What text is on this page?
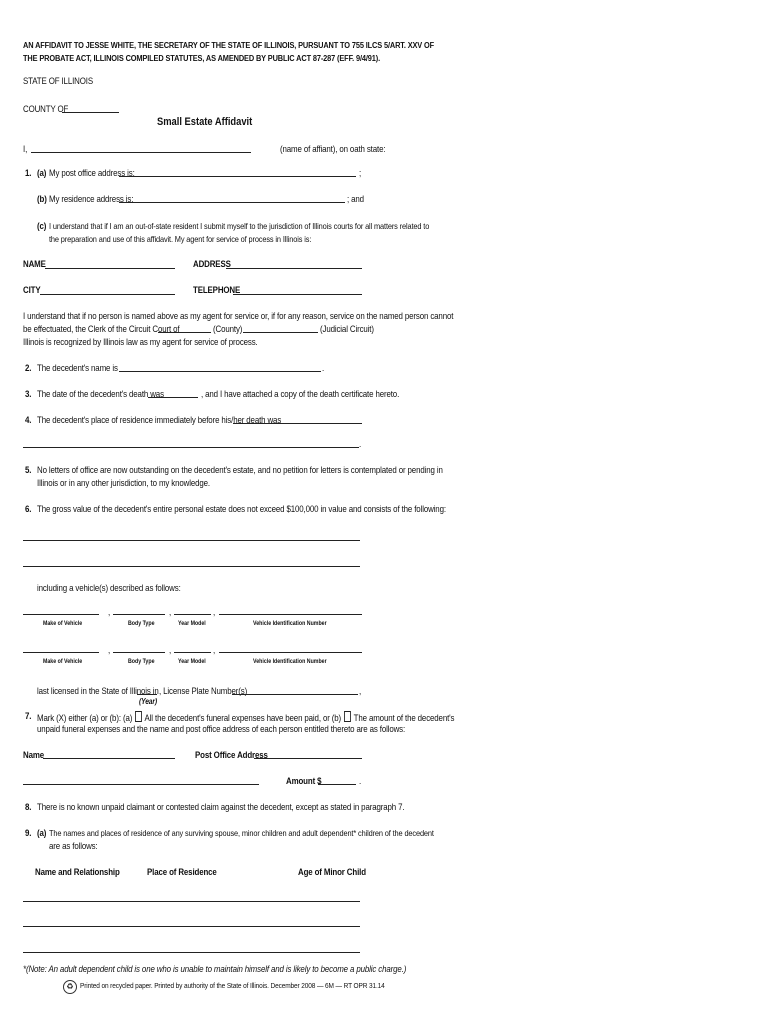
AN AFFIDAVIT TO JESSE WHITE, THE SECRETARY OF THE STATE OF ILLINOIS, PURSUANT TO 755 ILCS 5/ART. XXV OF
THE PROBATE ACT, ILLINOIS COMPILED STATUTES, AS AMENDED BY PUBLIC ACT 87-287 (EFF. 9/4/91).
STATE OF ILLINOIS
COUNTY OF
Small Estate Affidavit
I,	(name of affiant), on oath state:
1. (a) My post office address is:	;
(b) My residence address is:	; and
(c) I understand that if I am an out-of-state resident I submit myself to the jurisdiction of Illinois courts for all matters related to
the preparation and use of this affidavit. My agent for service of process in Illinois is:
NAME	ADDRESS
CITY	TELEPHONE
I understand that if no person is named above as my agent for service or, if for any reason, service on the named person cannot
be effectuated, the Clerk of the Circuit Court of	(County)	(Judicial Circuit)
Illinois is recognized by Illinois law as my agent for service of process.
2. The decedent's name is	.
3. The date of the decedent's death was	, and I have attached a copy of the death certificate hereto.
4. The decedent's place of residence immediately before his/her death was
.
5. No letters of office are now outstanding on the decedent's estate, and no petition for letters is contemplated or pending in
Illinois or in any other jurisdiction, to my knowledge.
6. The gross value of the decedent's entire personal estate does not exceed $100,000 in value and consists of the following:
including a vehicle(s) described as follows:
,	,	,
Make of Vehicle	Body Type	Year Model	Vehicle Identification Number
,	,	,
Make of Vehicle	Body Type	Year Model	Vehicle Identification Number
last licensed in the State of Illinois in , License Plate Number(s)	,
(Year)
7. Mark (X) either (a) or (b): (a) All the decedent's funeral expenses have been paid, or (b) The amount of the decedent's
unpaid funeral expenses and the name and post office address of each person entitled thereto are as follows:
Name	Post Office Address
Amount $	.
8. There is no known unpaid claimant or contested claim against the decedent, except as stated in paragraph 7.
9. (a) The names and places of residence of any surviving spouse, minor children and adult dependent* children of the decedent
are as follows:
Name and Relationship	Place of Residence	Age of Minor Child
*(Note: An adult dependent child is one who is unable to maintain himself and is likely to become a public charge.)
♻ Printed on recycled paper. Printed by authority of the State of Illinois. December 2008 — 6M — RT OPR 31.14
